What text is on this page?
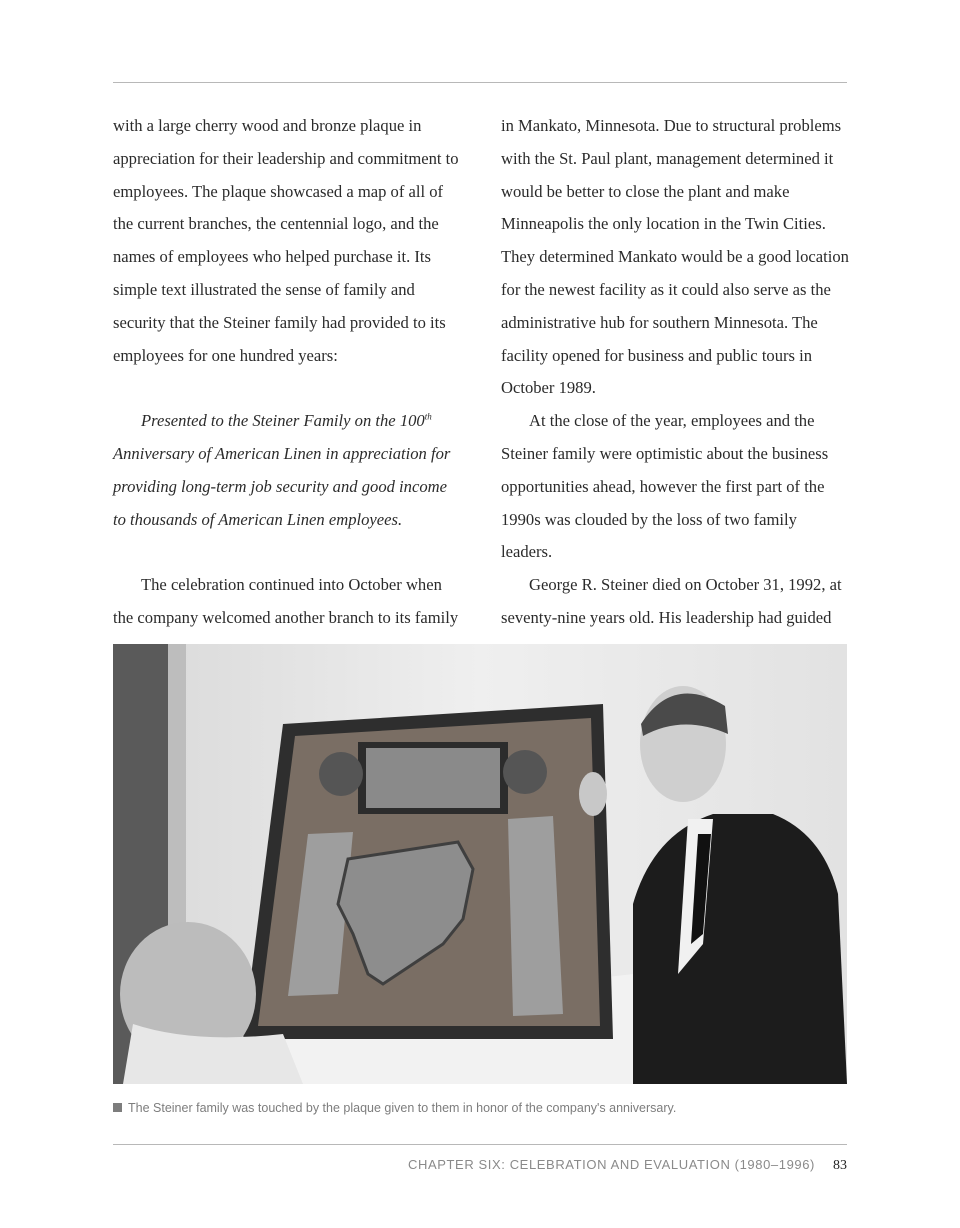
with a large cherry wood and bronze plaque in appreciation for their leadership and commitment to employees. The plaque showcased a map of all of the current branches, the centennial logo, and the names of employees who helped purchase it. Its simple text illustrated the sense of family and security that the Steiner family had provided to its employees for one hundred years:

Presented to the Steiner Family on the 100th Anniversary of American Linen in appreciation for providing long-term job security and good income to thousands of American Linen employees.

The celebration continued into October when the company welcomed another branch to its family

in Mankato, Minnesota. Due to structural problems with the St. Paul plant, management determined it would be better to close the plant and make Minneapolis the only location in the Twin Cities. They determined Mankato would be a good location for the newest facility as it could also serve as the administrative hub for southern Minnesota. The facility opened for business and public tours in October 1989.

At the close of the year, employees and the Steiner family were optimistic about the business opportunities ahead, however the first part of the 1990s was clouded by the loss of two family leaders.

George R. Steiner died on October 31, 1992, at seventy-nine years old. His leadership had guided

The Steiner family was touched by the plaque given to them in honor of the company's anniversary.
CHAPTER SIX: CELEBRATION AND EVALUATION (1980–1996) 83
